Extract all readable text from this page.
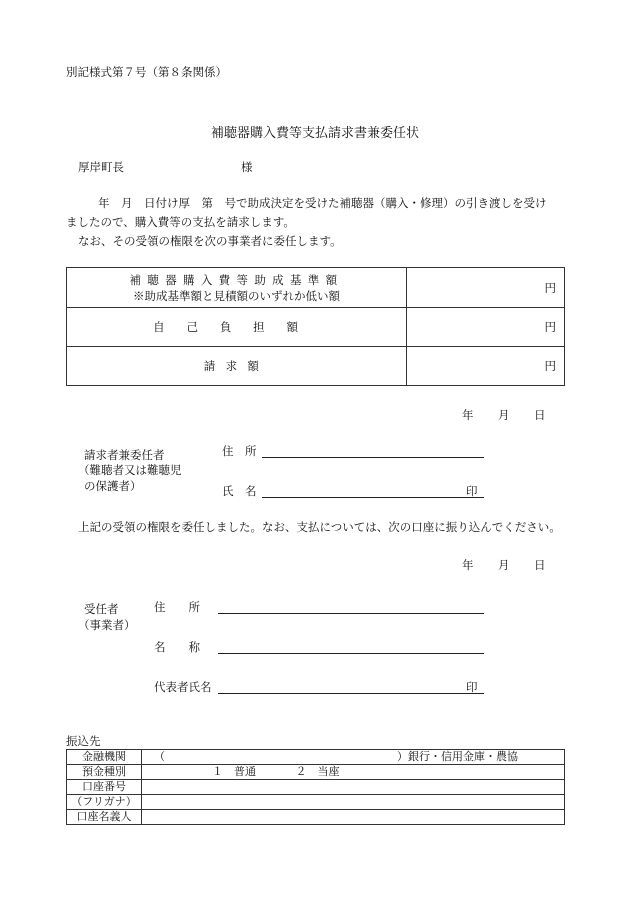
別記様式第７号（第８条関係）
補聴器購入費等支払請求書兼委任状
厚岸町長	様
年　月　日付け厚　第　号で助成決定を受けた補聴器（購入・修理）の引き渡しを受け
ましたので、購入費等の支払を請求します。
なお、その受領の権限を次の事業者に委任します。
補聴器購入費等助成基準額
※助成基準額と見積額のいずれか低い額	円
自己負担額	円
請求額	円
年 月 日
請求者兼委任者
（難聴者又は難聴児
の保護者）
住　所
氏　名	印
上記の受領の権限を委任しました。なお、支払については、次の口座に振り込んでください。
年 月 日
受任者
（事業者）
住　　所
名　　称
代表者氏名	印
振込先
金融機関	（ ）銀行・信用金庫・農協

預金種別	１　普通 ２　当座
口座番号	
（フリガナ）	
口座名義人	
